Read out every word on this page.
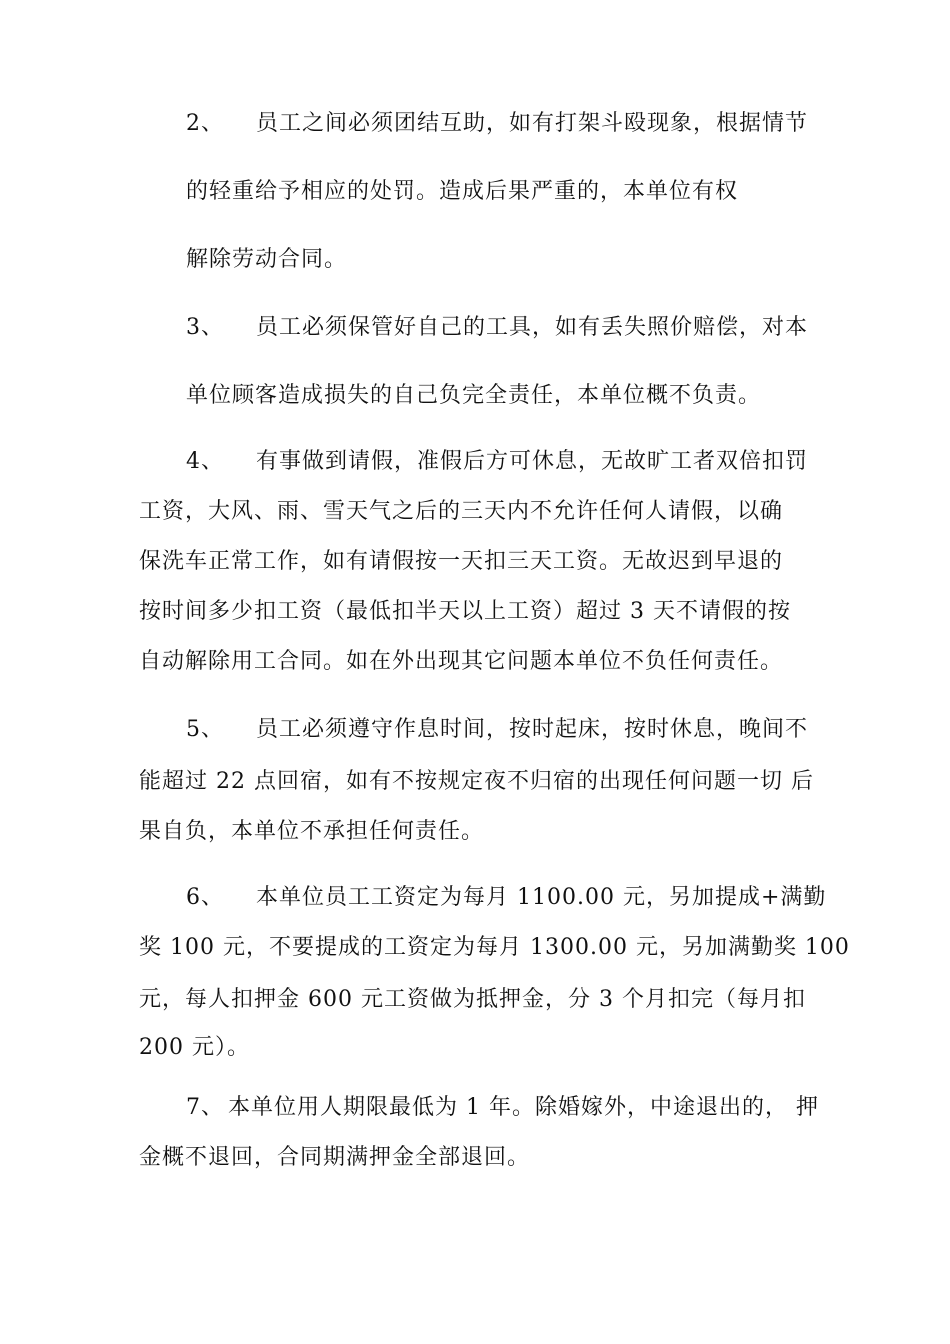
2、 员工之间必须团结互助，如有打架斗殴现象，根据情节
的轻重给予相应的处罚。造成后果严重的，本单位有权
解除劳动合同。
3、 员工必须保管好自己的工具，如有丢失照价赔偿，对本
单位顾客造成损失的自己负完全责任，本单位概不负责。
4、 有事做到请假，准假后方可休息，无故旷工者双倍扣罚
工资，大风、雨、雪天气之后的三天内不允许任何人请假，以确
保洗车正常工作，如有请假按一天扣三天工资。无故迟到早退的
按时间多少扣工资（最低扣半天以上工资）超过 3 天不请假的按
自动解除用工合同。如在外出现其它问题本单位不负任何责任。
5、 员工必须遵守作息时间，按时起床，按时休息，晚间不
能超过 22 点回宿，如有不按规定夜不归宿的出现任何问题一切 后
果自负，本单位不承担任何责任。
6、 本单位员工工资定为每月 1100.00 元，另加提成+满勤
奖 100 元，不要提成的工资定为每月 1300.00 元，另加满勤奖 100
元，每人扣押金 600 元工资做为抵押金，分 3 个月扣完（每月扣
200 元）。
7、 本单位用人期限最低为 1 年。除婚嫁外，中途退出的， 押
金概不退回，合同期满押金全部退回。
